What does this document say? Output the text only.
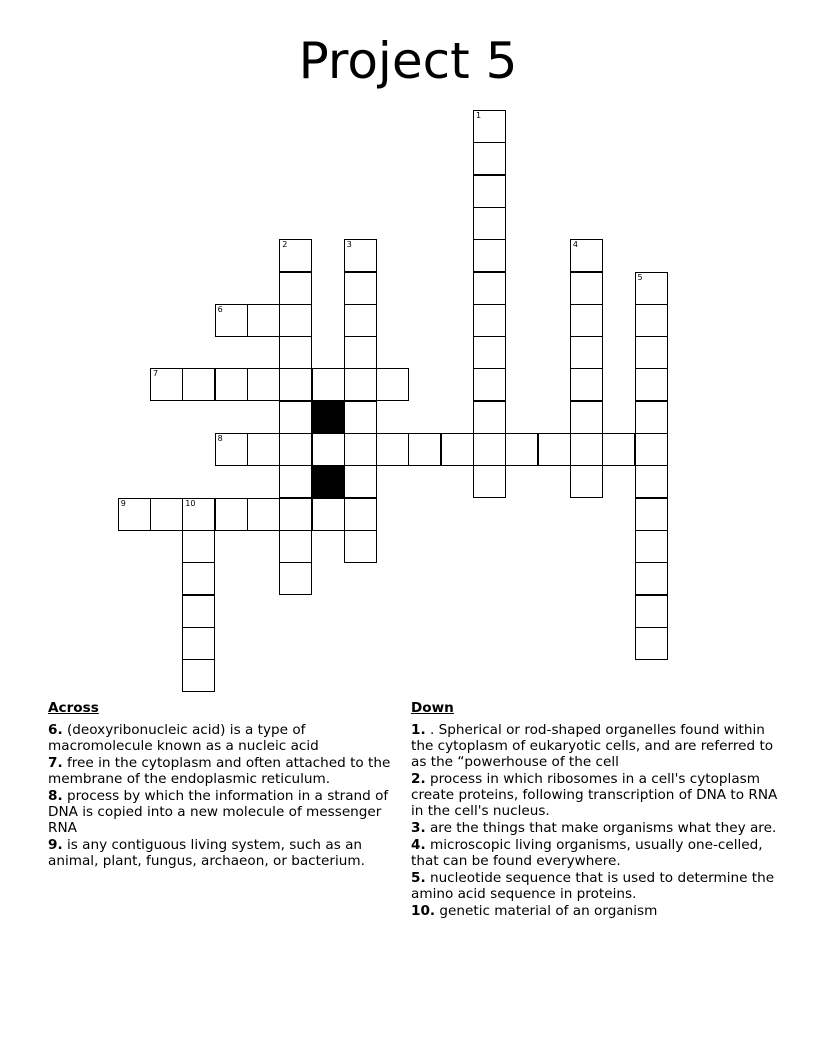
Project 5
1
2	3	4
5
6
7
8
9	10
Across
6. (deoxyribonucleic acid) is a type of macromolecule known as a nucleic acid
7. free in the cytoplasm and often attached to the membrane of the endoplasmic reticulum.
8. process by which the information in a strand of DNA is copied into a new molecule of messenger RNA
9. is any contiguous living system, such as an animal, plant, fungus, archaeon, or bacterium.
Down
1. . Spherical or rod-shaped organelles found within the cytoplasm of eukaryotic cells, and are referred to as the “powerhouse of the cell
2. process in which ribosomes in a cell's cytoplasm create proteins, following transcription of DNA to RNA in the cell's nucleus.
3. are the things that make organisms what they are.
4. microscopic living organisms, usually one-celled, that can be found everywhere.
5. nucleotide sequence that is used to determine the amino acid sequence in proteins.
10. genetic material of an organism
